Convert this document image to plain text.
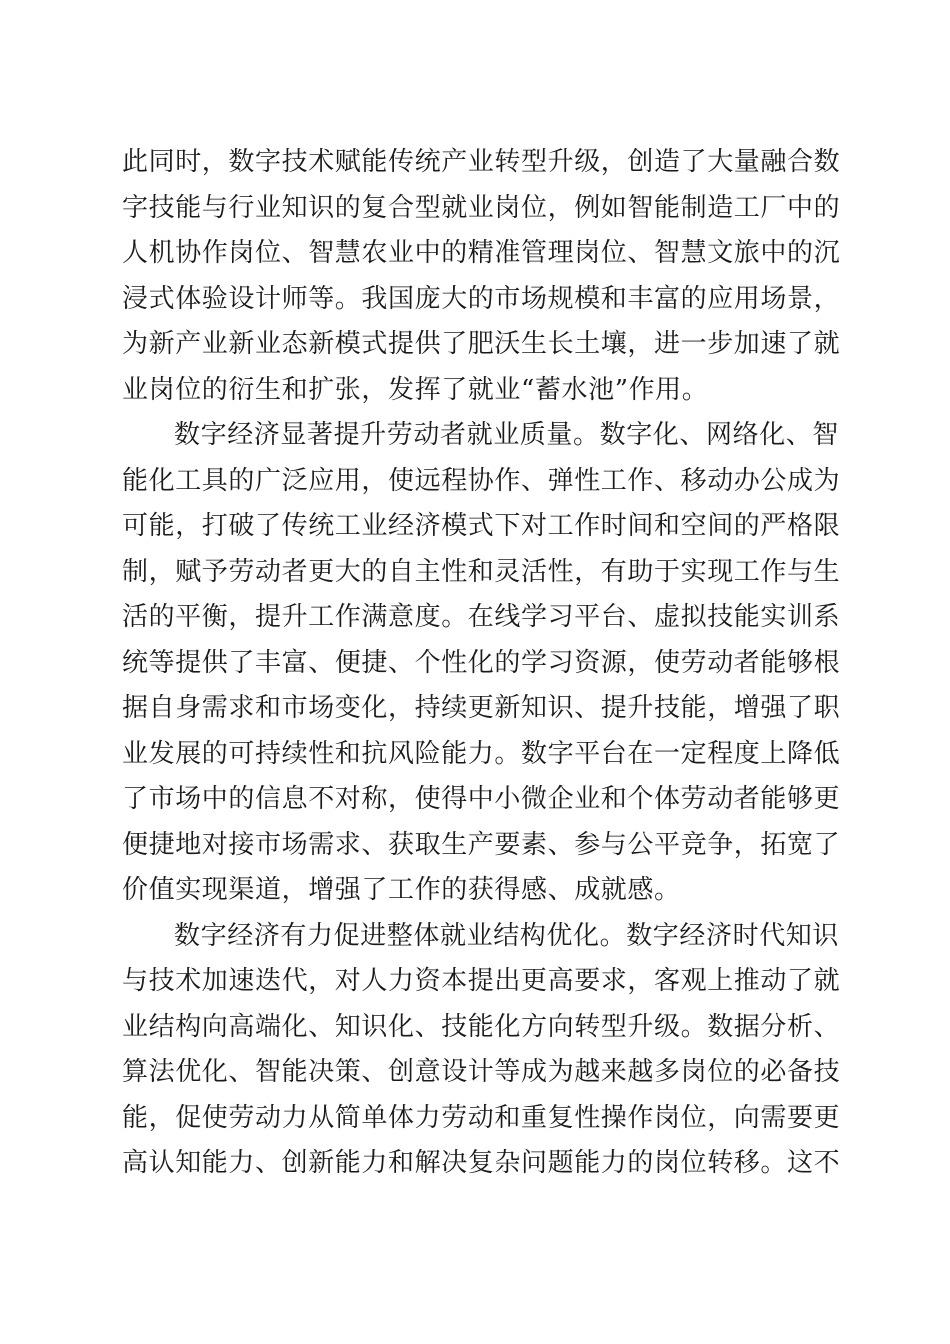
此同时，数字技术赋能传统产业转型升级，创造了大量融合数
字技能与行业知识的复合型就业岗位，例如智能制造工厂中的
人机协作岗位、智慧农业中的精准管理岗位、智慧文旅中的沉
浸式体验设计师等。我国庞大的市场规模和丰富的应用场景，
为新产业新业态新模式提供了肥沃生长土壤，进一步加速了就
业岗位的衍生和扩张，发挥了就业“蓄水池”作用。
数字经济显著提升劳动者就业质量。数字化、网络化、智
能化工具的广泛应用，使远程协作、弹性工作、移动办公成为
可能，打破了传统工业经济模式下对工作时间和空间的严格限
制，赋予劳动者更大的自主性和灵活性，有助于实现工作与生
活的平衡，提升工作满意度。在线学习平台、虚拟技能实训系
统等提供了丰富、便捷、个性化的学习资源，使劳动者能够根
据自身需求和市场变化，持续更新知识、提升技能，增强了职
业发展的可持续性和抗风险能力。数字平台在一定程度上降低
了市场中的信息不对称，使得中小微企业和个体劳动者能够更
便捷地对接市场需求、获取生产要素、参与公平竞争，拓宽了
价值实现渠道，增强了工作的获得感、成就感。
数字经济有力促进整体就业结构优化。数字经济时代知识
与技术加速迭代，对人力资本提出更高要求，客观上推动了就
业结构向高端化、知识化、技能化方向转型升级。数据分析、
算法优化、智能决策、创意设计等成为越来越多岗位的必备技
能，促使劳动力从简单体力劳动和重复性操作岗位，向需要更
高认知能力、创新能力和解决复杂问题能力的岗位转移。这不
